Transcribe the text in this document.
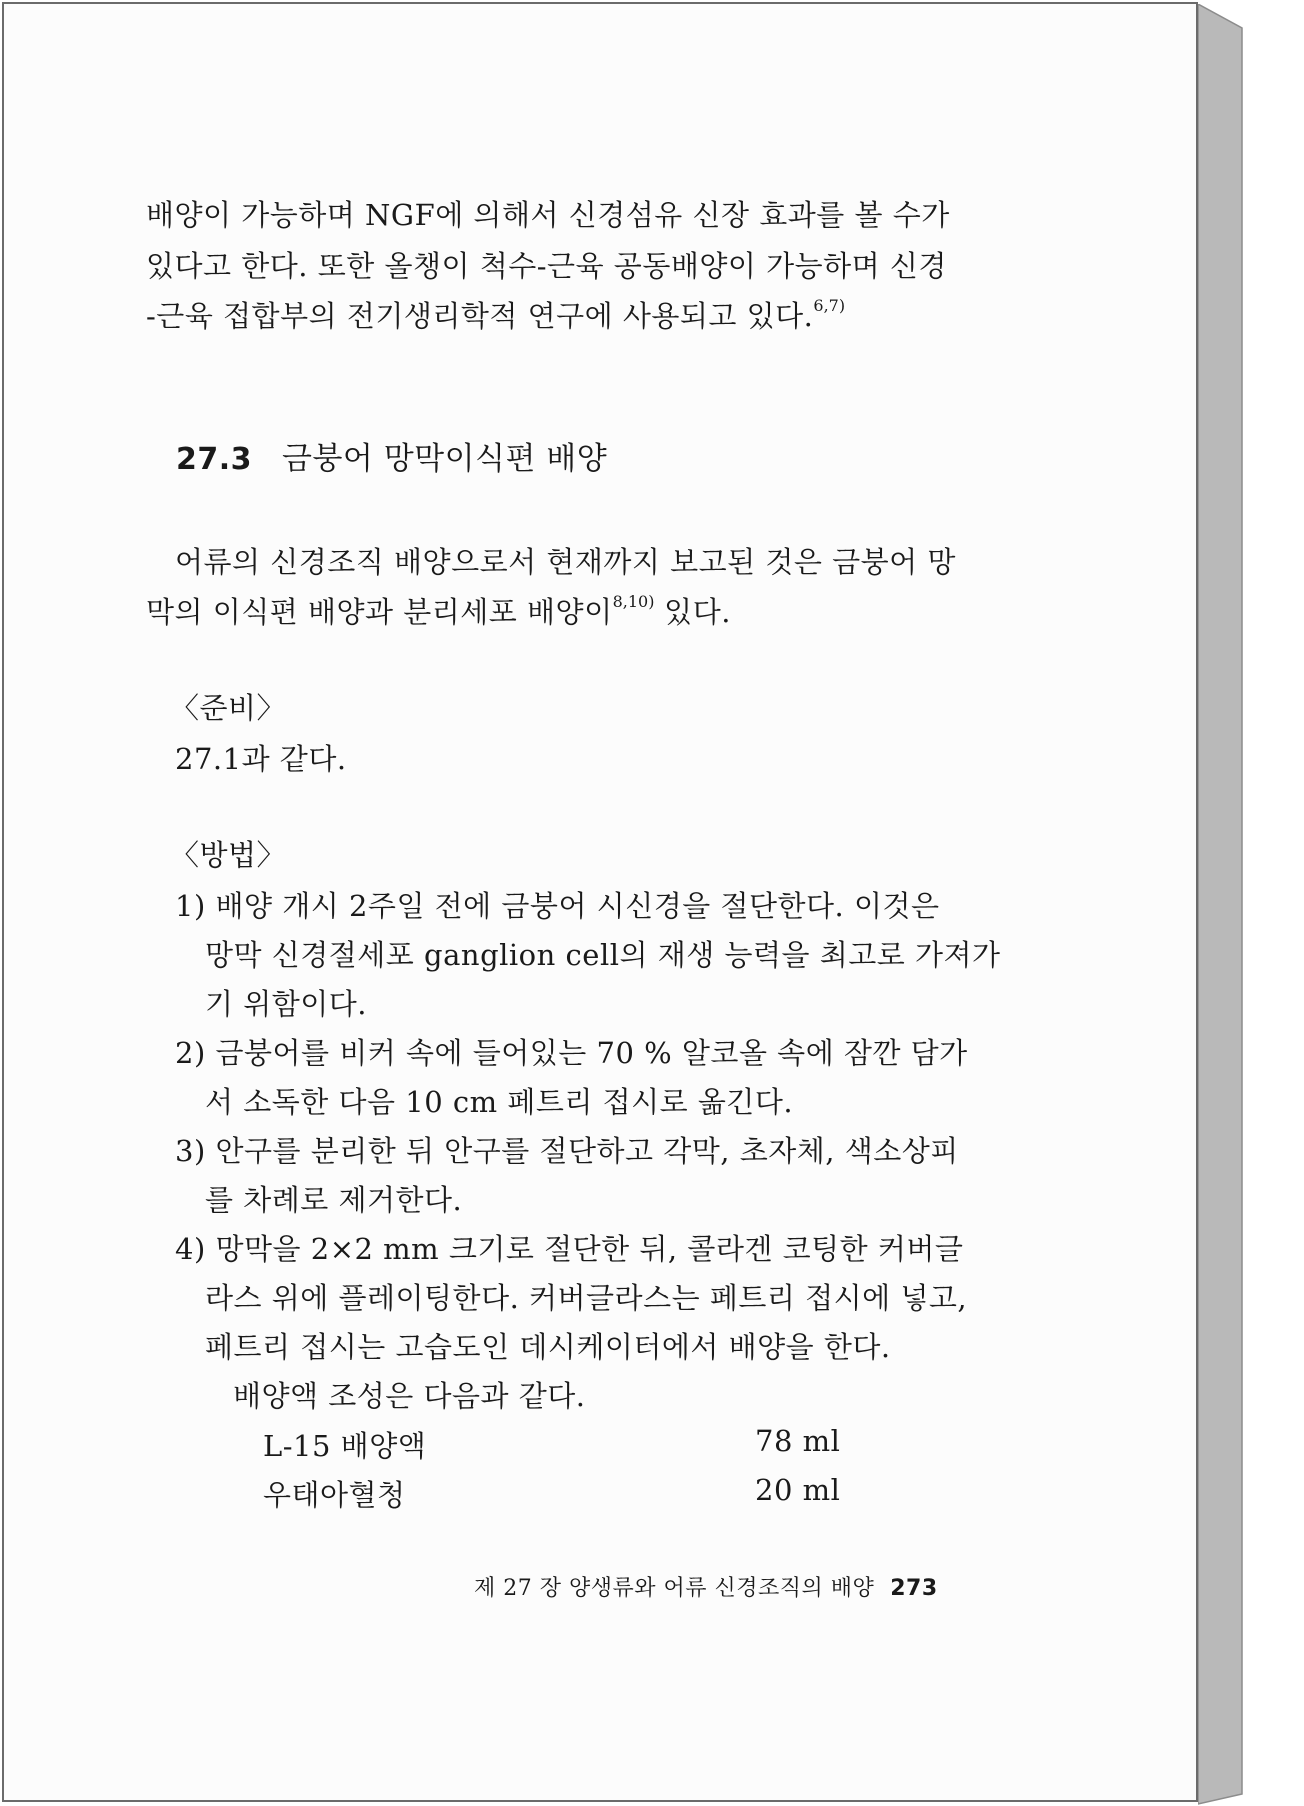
배양이 가능하며 NGF에 의해서 신경섬유 신장 효과를 볼 수가
있다고 한다. 또한 올챙이 척수-근육 공동배양이 가능하며 신경
-근육 접합부의 전기생리학적 연구에 사용되고 있다.$^{6,7)}$
27.3 금붕어 망막이식편 배양
어류의 신경조직 배양으로서 현재까지 보고된 것은 금붕어 망
막의 이식편 배양과 분리세포 배양이$^{8,10)}$ 있다.
〈준비〉
27.1과 같다.
〈방법〉
1) 배양 개시 2주일 전에 금붕어 시신경을 절단한다. 이것은
망막 신경절세포 ganglion cell의 재생 능력을 최고로 가져가
기 위함이다.
2) 금붕어를 비커 속에 들어있는 70 % 알코올 속에 잠깐 담가
서 소독한 다음 10 cm 페트리 접시로 옮긴다.
3) 안구를 분리한 뒤 안구를 절단하고 각막, 초자체, 색소상피
를 차례로 제거한다.
4) 망막을 2×2 mm 크기로 절단한 뒤, 콜라겐 코팅한 커버글
라스 위에 플레이팅한다. 커버글라스는 페트리 접시에 넣고,
페트리 접시는 고습도인 데시케이터에서 배양을 한다.
배양액 조성은 다음과 같다.
L-15 배양액	78 ml
우태아혈청	20 ml
제 27 장 양생류와 어류 신경조직의 배양 273
